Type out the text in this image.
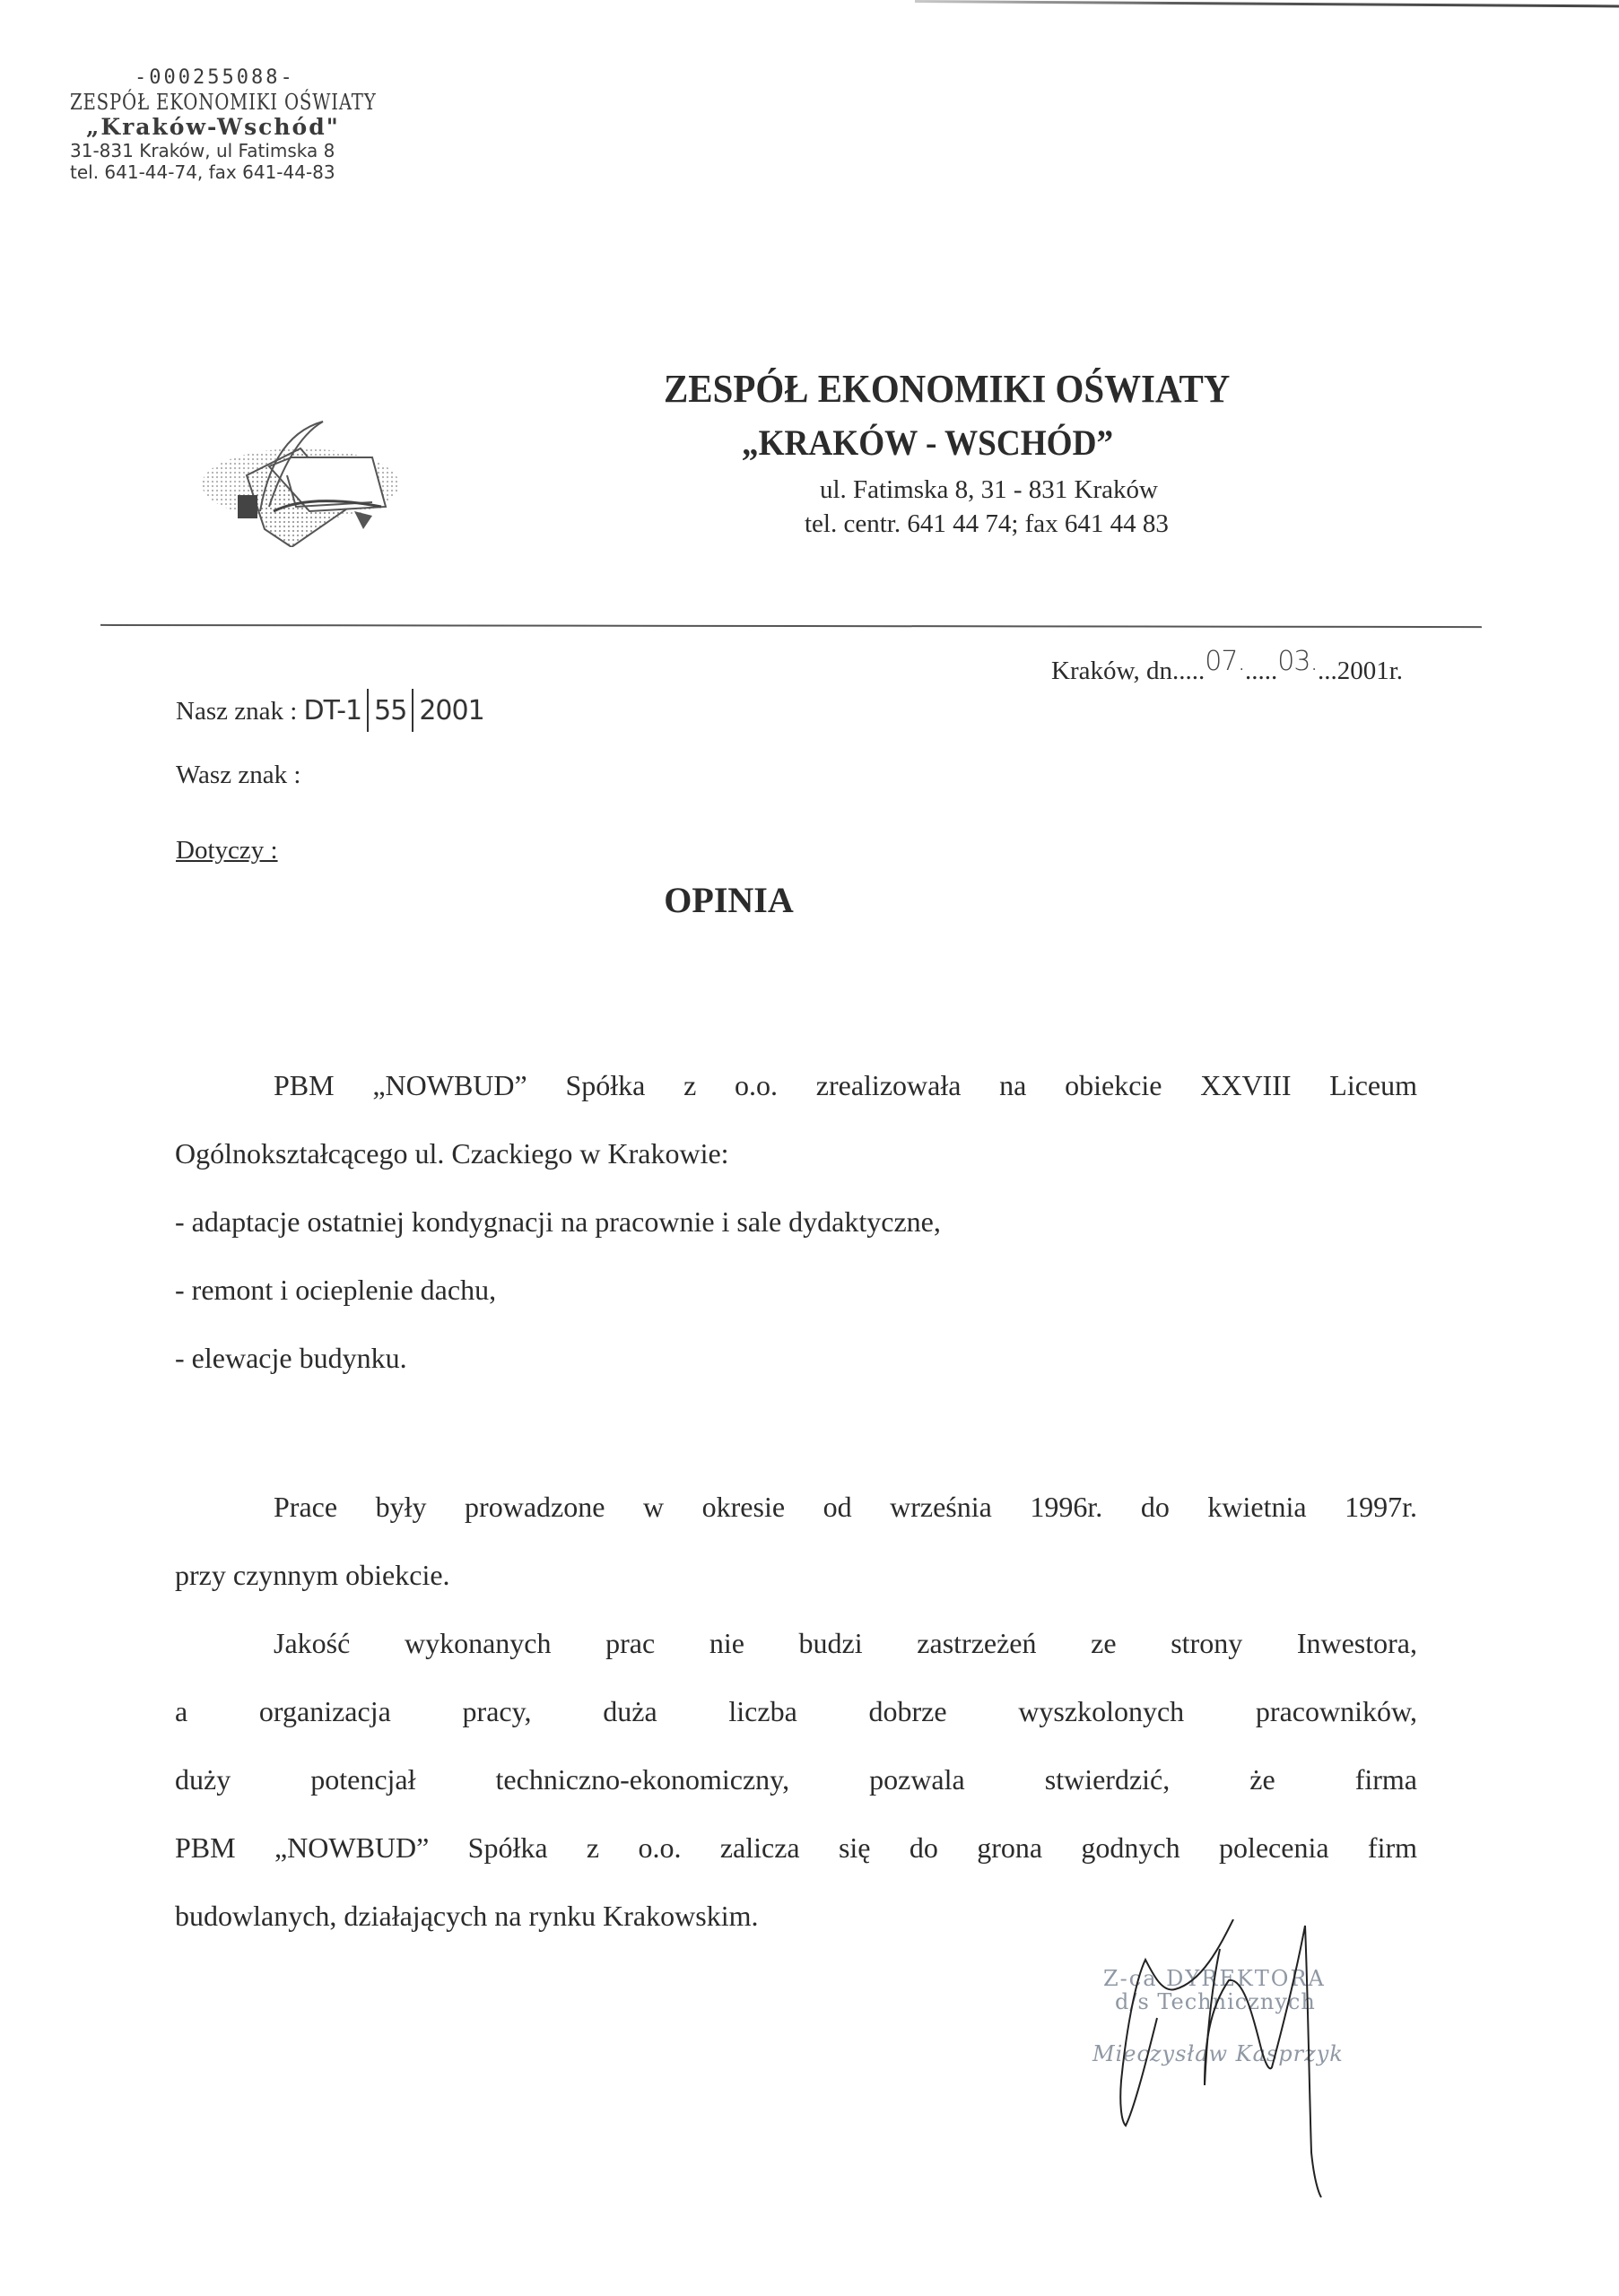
-000255088-
ZESPÓŁ EKONOMIKI OŚWIATY
„Kraków-Wschód"
31-831 Kraków, ul Fatimska 8
tel. 641-44-74, fax 641-44-83
ZESPÓŁ EKONOMIKI OŚWIATY
„KRAKÓW - WSCHÓD”
ul. Fatimska 8, 31 - 831 Kraków
tel. centr. 641 44 74; fax 641 44 83
Kraków, dn.....07......03....2001r.
Nasz znak : DT-1 55 2001
Wasz znak :
Dotyczy :
OPINIA
PBM „NOWBUD” Spółka z o.o. zrealizowała na obiekcie XXVIII Liceum
Ogólnokształcącego ul. Czackiego w Krakowie:
- adaptacje ostatniej kondygnacji na pracownie i sale dydaktyczne,
- remont i ocieplenie dachu,
- elewacje budynku.
Prace były prowadzone w okresie od września 1996r. do kwietnia 1997r.
przy czynnym obiekcie.
Jakość wykonanych prac nie budzi zastrzeżeń ze strony Inwestora,
a organizacja pracy, duża liczba dobrze wyszkolonych pracowników,
duży potencjał techniczno-ekonomiczny, pozwala stwierdzić, że firma
PBM „NOWBUD” Spółka z o.o. zalicza się do grona godnych polecenia firm
budowlanych, działających na rynku Krakowskim.
Z-ca DYREKTORA
d/s Technicznych
Mieczysław Kasprzyk
